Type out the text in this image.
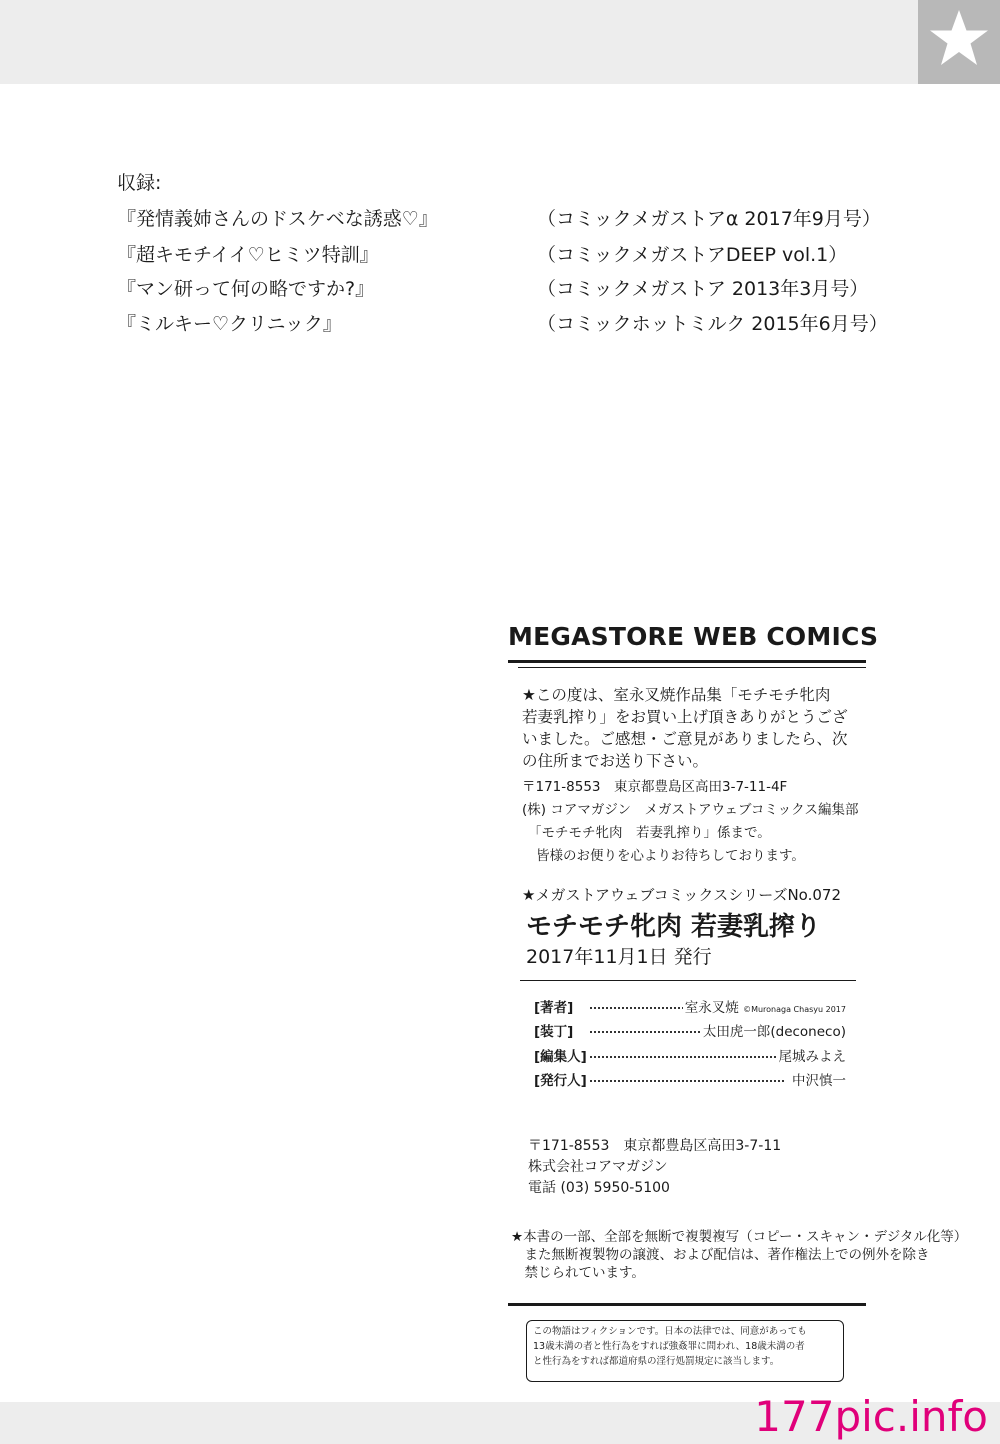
収録:
『発情義姉さんのドスケベな誘惑♡』	（コミックメガストアα 2017年9月号）
『超キモチイイ♡ヒミツ特訓』	（コミックメガストアDEEP vol.1）
『マン研って何の略ですか?』	（コミックメガストア 2013年3月号）
『ミルキー♡クリニック』	（コミックホットミルク 2015年6月号）
MEGASTORE WEB COMICS
★この度は、室永叉焼作品集「モチモチ牝肉
若妻乳搾り」をお買い上げ頂きありがとうござ
いました。ご感想・ご意見がありましたら、次
の住所までお送り下さい。
〒171-8553　東京都豊島区高田3-7-11-4F
(株) コアマガジン　メガストアウェブコミックス編集部
「モチモチ牝肉　若妻乳搾り」係まで。
皆様のお便りを心よりお待ちしております。
★メガストアウェブコミックスシリーズNo.072
モチモチ牝肉 若妻乳搾り
2017年11月1日 発行
[著者]	室永叉焼 ©Muronaga Chasyu 2017
[装丁]	太田虎一郎(deconeco)
[編集人]	尾城みよえ
[発行人]	中沢慎一
〒171-8553　東京都豊島区高田3-7-11
株式会社コアマガジン
電話 (03) 5950-5100
★本書の一部、全部を無断で複製複写（コピー・スキャン・デジタル化等）
　また無断複製物の譲渡、および配信は、著作権法上での例外を除き
　禁じられています。
この物語はフィクションです。日本の法律では、同意があっても
13歳未満の者と性行為をすれば強姦罪に問われ、18歳未満の者
と性行為をすれば都道府県の淫行処罰規定に該当します。
177pic.info
